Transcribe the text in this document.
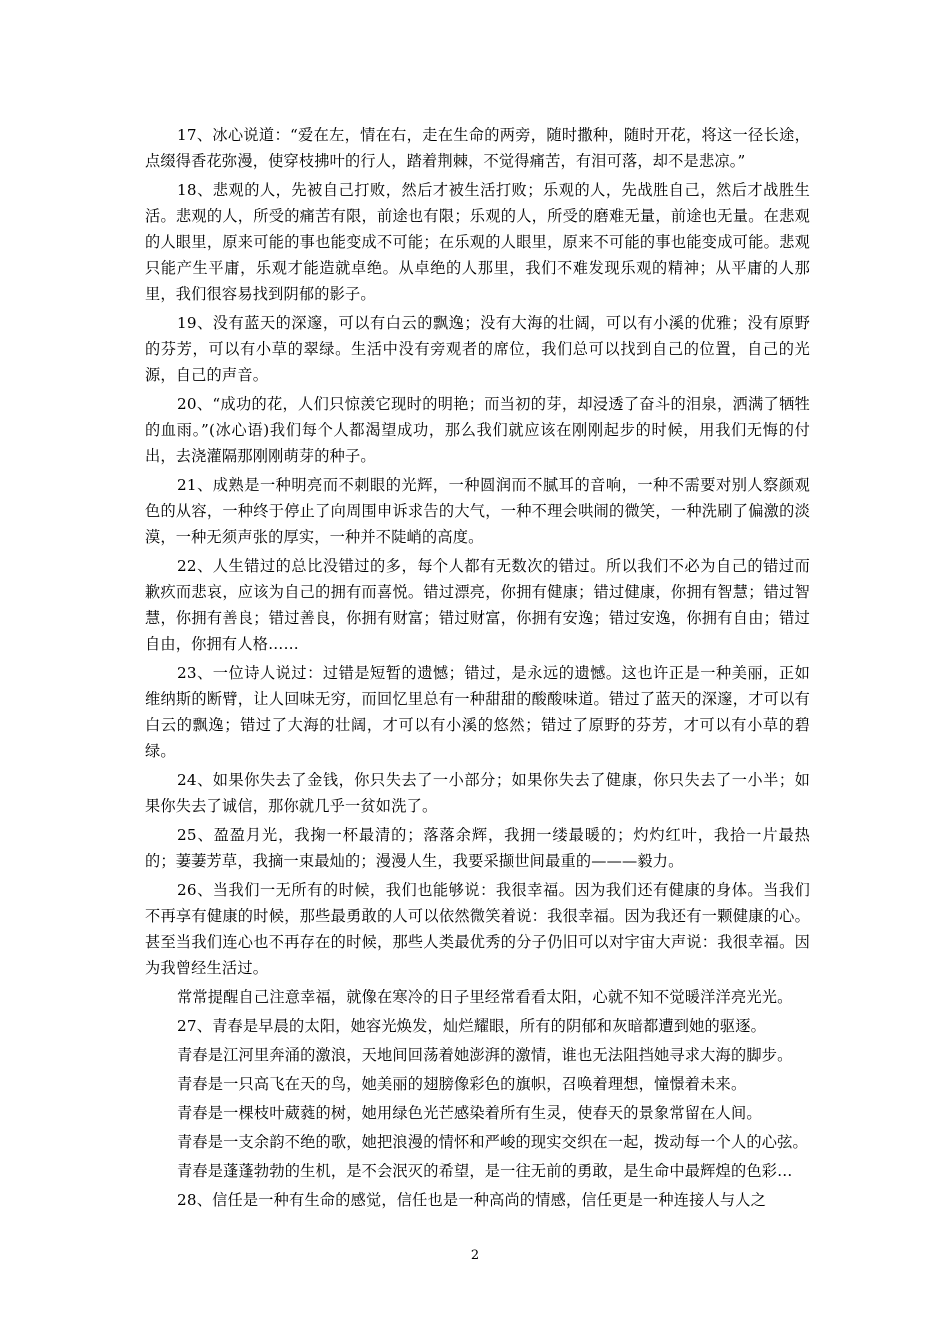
17、冰心说道：“爱在左，情在右，走在生命的两旁，随时撒种，随时开花，将这一径长途，点缀得香花弥漫，使穿枝拂叶的行人，踏着荆棘，不觉得痛苦，有泪可落，却不是悲凉。”

18、悲观的人，先被自己打败，然后才被生活打败；乐观的人，先战胜自己，然后才战胜生活。悲观的人，所受的痛苦有限，前途也有限；乐观的人，所受的磨难无量，前途也无量。在悲观的人眼里，原来可能的事也能变成不可能；在乐观的人眼里，原来不可能的事也能变成可能。悲观只能产生平庸，乐观才能造就卓绝。从卓绝的人那里，我们不难发现乐观的精神；从平庸的人那里，我们很容易找到阴郁的影子。

19、没有蓝天的深邃，可以有白云的飘逸；没有大海的壮阔，可以有小溪的优雅；没有原野的芬芳，可以有小草的翠绿。生活中没有旁观者的席位，我们总可以找到自己的位置，自己的光源，自己的声音。

20、“成功的花，人们只惊羡它现时的明艳；而当初的芽，却浸透了奋斗的泪泉，洒满了牺牲的血雨。”(冰心语)我们每个人都渴望成功，那么我们就应该在刚刚起步的时候，用我们无悔的付出，去浇灌隔那刚刚萌芽的种子。

21、成熟是一种明亮而不刺眼的光辉，一种圆润而不腻耳的音响，一种不需要对别人察颜观色的从容，一种终于停止了向周围申诉求告的大气，一种不理会哄闹的微笑，一种洗刷了偏激的淡漠，一种无须声张的厚实，一种并不陡峭的高度。

22、人生错过的总比没错过的多，每个人都有无数次的错过。所以我们不必为自己的错过而歉疚而悲哀，应该为自己的拥有而喜悦。错过漂亮，你拥有健康；错过健康，你拥有智慧；错过智慧，你拥有善良；错过善良，你拥有财富；错过财富，你拥有安逸；错过安逸，你拥有自由；错过自由，你拥有人格……

23、一位诗人说过：过错是短暂的遗憾；错过，是永远的遗憾。这也许正是一种美丽，正如维纳斯的断臂，让人回味无穷，而回忆里总有一种甜甜的酸酸味道。错过了蓝天的深邃，才可以有白云的飘逸；错过了大海的壮阔，才可以有小溪的悠然；错过了原野的芬芳，才可以有小草的碧绿。

24、如果你失去了金钱，你只失去了一小部分；如果你失去了健康，你只失去了一小半；如果你失去了诚信，那你就几乎一贫如洗了。

25、盈盈月光，我掬一杯最清的；落落余辉，我拥一缕最暖的；灼灼红叶，我拾一片最热的；萋萋芳草，我摘一束最灿的；漫漫人生，我要采撷世间最重的———毅力。

26、当我们一无所有的时候，我们也能够说：我很幸福。因为我们还有健康的身体。当我们不再享有健康的时候，那些最勇敢的人可以依然微笑着说：我很幸福。因为我还有一颗健康的心。甚至当我们连心也不再存在的时候，那些人类最优秀的分子仍旧可以对宇宙大声说：我很幸福。因为我曾经生活过。

常常提醒自己注意幸福，就像在寒冷的日子里经常看看太阳，心就不知不觉暖洋洋亮光光。

27、青春是早晨的太阳，她容光焕发，灿烂耀眼，所有的阴郁和灰暗都遭到她的驱逐。

青春是江河里奔涌的激浪，天地间回荡着她澎湃的激情，谁也无法阻挡她寻求大海的脚步。

青春是一只高飞在天的鸟，她美丽的翅膀像彩色的旗帜，召唤着理想，憧憬着未来。

青春是一棵枝叶葳蕤的树，她用绿色光芒感染着所有生灵，使春天的景象常留在人间。

青春是一支余韵不绝的歌，她把浪漫的情怀和严峻的现实交织在一起，拨动每一个人的心弦。

青春是蓬蓬勃勃的生机，是不会泯灭的希望，是一往无前的勇敢，是生命中最辉煌的色彩…

28、信任是一种有生命的感觉，信任也是一种高尚的情感，信任更是一种连接人与人之

2
